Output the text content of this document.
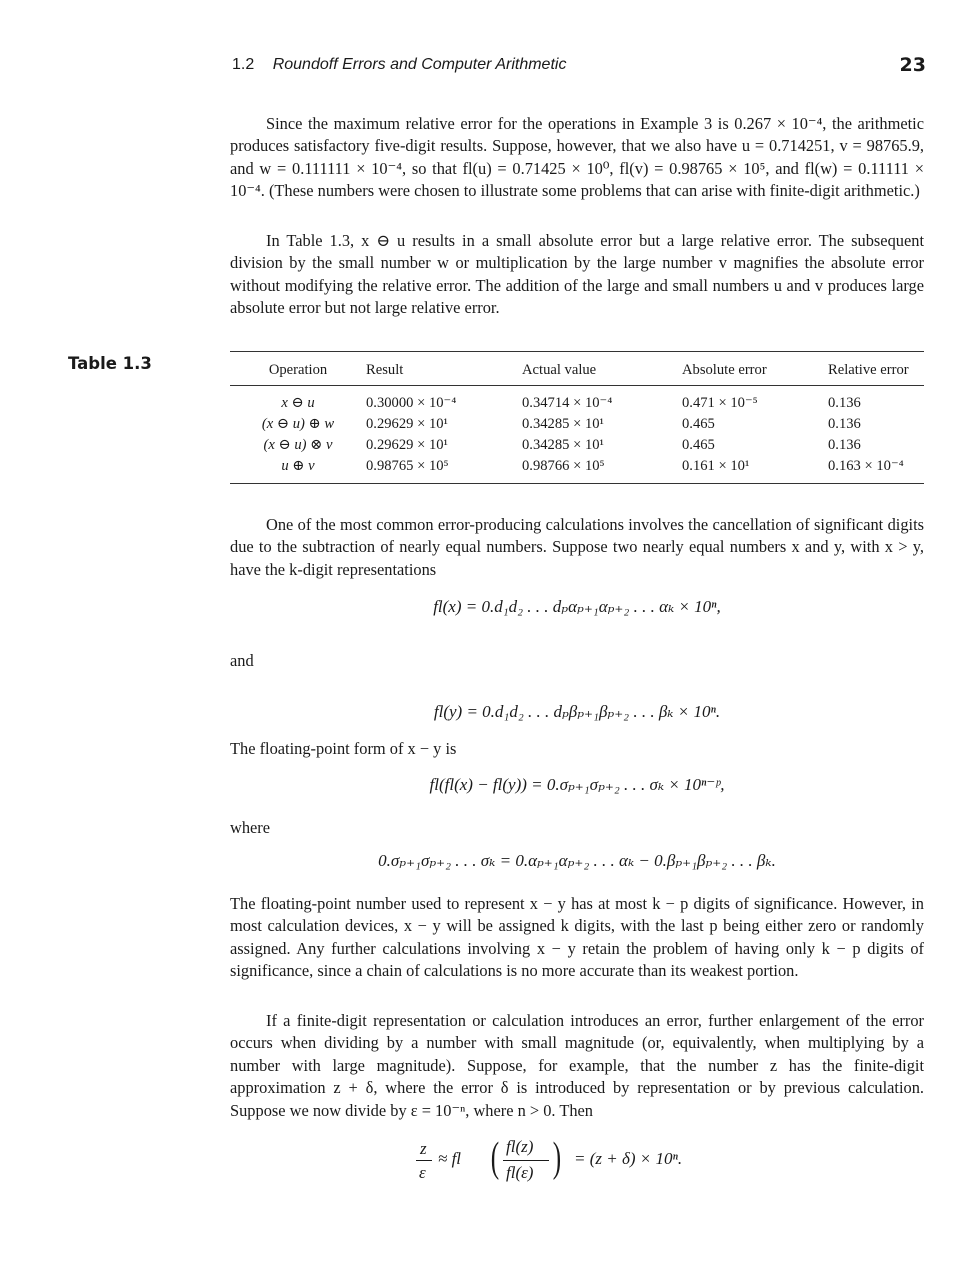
1.2 Roundoff Errors and Computer Arithmetic	23
Since the maximum relative error for the operations in Example 3 is 0.267 × 10⁻⁴, the arithmetic produces satisfactory five-digit results. Suppose, however, that we also have u = 0.714251, v = 98765.9, and w = 0.111111 × 10⁻⁴, so that fl(u) = 0.71425 × 10⁰, fl(v) = 0.98765 × 10⁵, and fl(w) = 0.11111 × 10⁻⁴. (These numbers were chosen to illustrate some problems that can arise with finite-digit arithmetic.)
In Table 1.3, x ⊖ u results in a small absolute error but a large relative error. The subsequent division by the small number w or multiplication by the large number v magnifies the absolute error without modifying the relative error. The addition of the large and small numbers u and v produces large absolute error but not large relative error.
Table 1.3	Operation	Result	Actual value	Absolute error	Relative error
x ⊖ u	0.30000 × 10⁻⁴	0.34714 × 10⁻⁴	0.471 × 10⁻⁵	0.136
(x ⊖ u) ⊕ w	0.29629 × 10¹	0.34285 × 10¹	0.465	0.136
(x ⊖ u) ⊗ v	0.29629 × 10¹	0.34285 × 10¹	0.465	0.136
u ⊕ v	0.98765 × 10⁵	0.98766 × 10⁵	0.161 × 10¹	0.163 × 10⁻⁴
One of the most common error-producing calculations involves the cancellation of significant digits due to the subtraction of nearly equal numbers. Suppose two nearly equal numbers x and y, with x > y, have the k-digit representations
fl(x) = 0.d₁d₂ . . . dₚαₚ₊₁αₚ₊₂ . . . αₖ × 10ⁿ,
and
fl(y) = 0.d₁d₂ . . . dₚβₚ₊₁βₚ₊₂ . . . βₖ × 10ⁿ.
The floating-point form of x − y is
fl(fl(x) − fl(y)) = 0.σₚ₊₁σₚ₊₂ . . . σₖ × 10ⁿ⁻ᵖ,
where
0.σₚ₊₁σₚ₊₂ . . . σₖ = 0.αₚ₊₁αₚ₊₂ . . . αₖ − 0.βₚ₊₁βₚ₊₂ . . . βₖ.
The floating-point number used to represent x − y has at most k − p digits of significance. However, in most calculation devices, x − y will be assigned k digits, with the last p being either zero or randomly assigned. Any further calculations involving x − y retain the problem of having only k − p digits of significance, since a chain of calculations is no more accurate than its weakest portion.
If a finite-digit representation or calculation introduces an error, further enlargement of the error occurs when dividing by a number with small magnitude (or, equivalently, when multiplying by a number with large magnitude). Suppose, for example, that the number z has the finite-digit approximation z + δ, where the error δ is introduced by representation or by previous calculation. Suppose we now divide by ε = 10⁻ⁿ, where n > 0. Then
z
ε
≈ fl ( fl(z)
fl(ε) ) = (z + δ) × 10ⁿ.
